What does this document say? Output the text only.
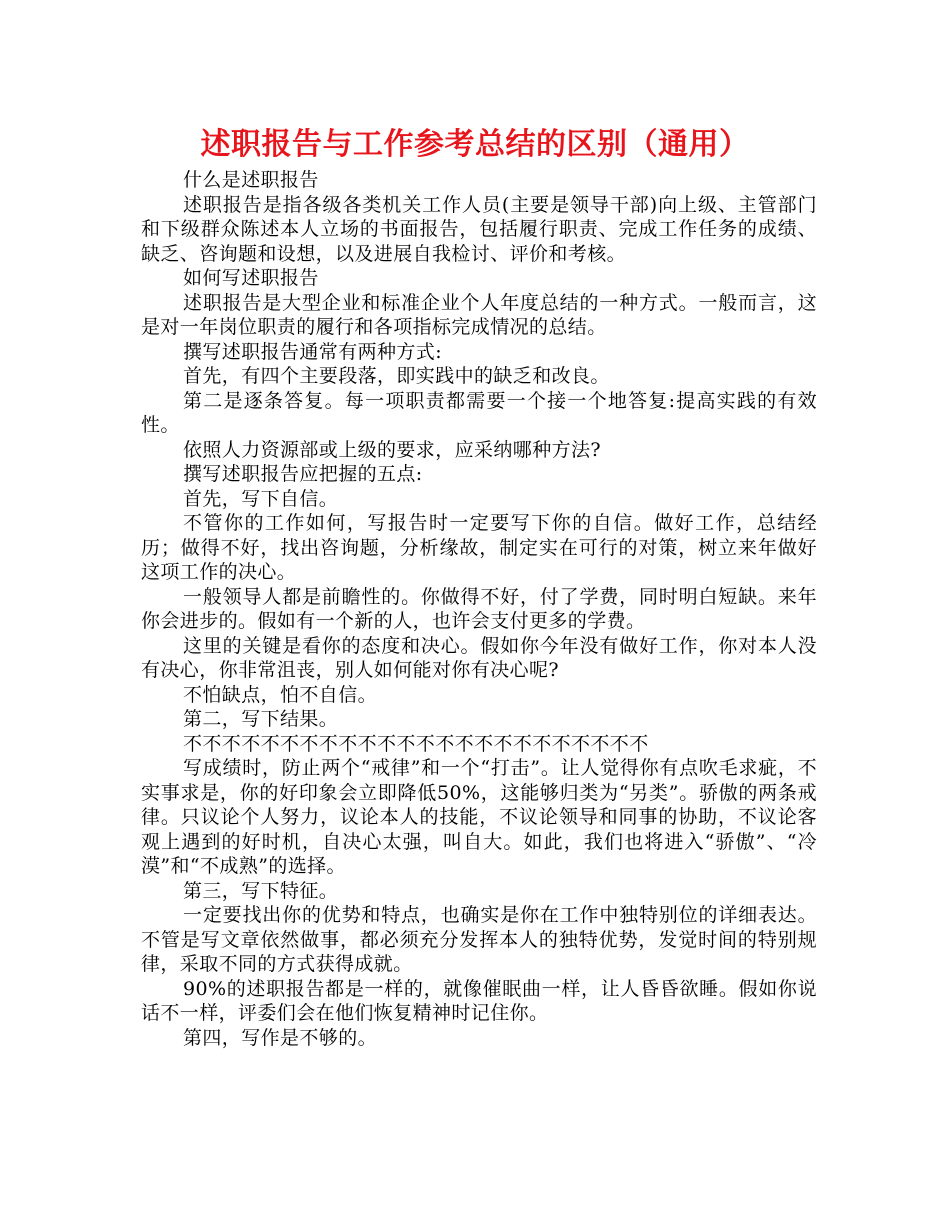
述职报告与工作参考总结的区别（通用）

什么是述职报告

述职报告是指各级各类机关工作人员(主要是领导干部)向上级、主管部门和下级群众陈述本人立场的书面报告，包括履行职责、完成工作任务的成绩、缺乏、咨询题和设想，以及进展自我检讨、评价和考核。

如何写述职报告

述职报告是大型企业和标准企业个人年度总结的一种方式。一般而言，这是对一年岗位职责的履行和各项指标完成情况的总结。

撰写述职报告通常有两种方式:

首先，有四个主要段落，即实践中的缺乏和改良。

第二是逐条答复。每一项职责都需要一个接一个地答复:提高实践的有效性。

依照人力资源部或上级的要求，应采纳哪种方法?

撰写述职报告应把握的五点:

首先，写下自信。

不管你的工作如何，写报告时一定要写下你的自信。做好工作，总结经历；做得不好，找出咨询题，分析缘故，制定实在可行的对策，树立来年做好这项工作的决心。

一般领导人都是前瞻性的。你做得不好，付了学费，同时明白短缺。来年你会进步的。假如有一个新的人，也许会支付更多的学费。

这里的关键是看你的态度和决心。假如你今年没有做好工作，你对本人没有决心，你非常沮丧，别人如何能对你有决心呢?

不怕缺点，怕不自信。

第二，写下结果。

不不不不不不不不不不不不不不不不不不不不不不不不

写成绩时，防止两个“戒律”和一个“打击”。让人觉得你有点吹毛求疵，不实事求是，你的好印象会立即降低50%，这能够归类为“另类”。骄傲的两条戒律。只议论个人努力，议论本人的技能，不议论领导和同事的协助，不议论客观上遇到的好时机，自决心太强，叫自大。如此，我们也将进入“骄傲”、“冷漠”和“不成熟”的选择。

第三，写下特征。

一定要找出你的优势和特点，也确实是你在工作中独特别位的详细表达。不管是写文章依然做事，都必须充分发挥本人的独特优势，发觉时间的特别规律，采取不同的方式获得成就。

90%的述职报告都是一样的，就像催眠曲一样，让人昏昏欲睡。假如你说话不一样，评委们会在他们恢复精神时记住你。

第四，写作是不够的。
